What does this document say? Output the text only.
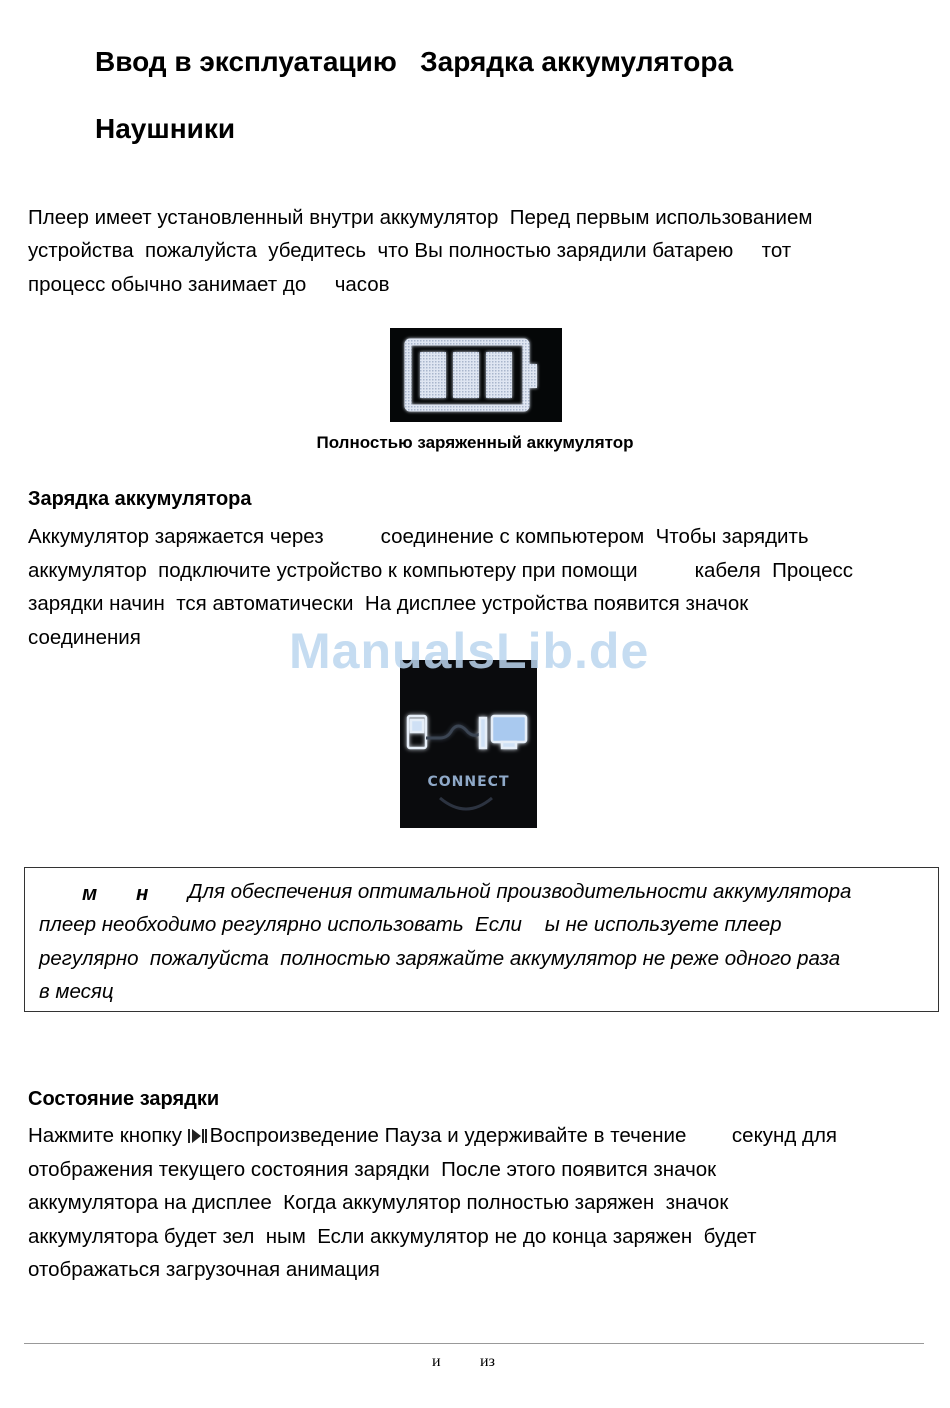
Ввод в эксплуатацию   Зарядка аккумулятора
Наушники
Плеер имеет установленный внутри аккумулятор  Перед первым использованием
устройства  пожалуйста  убедитесь  что Вы полностью зарядили батарею     тот
процесс обычно занимает до     часов
Полностью заряженный аккумулятор
Зарядка аккумулятора
Аккумулятор заряжается через          соединение с компьютером  Чтобы зарядить
аккумулятор  подключите устройство к компьютеру при помощи          кабеля  Процесс
зарядки начин  тся автоматически  На дисплее устройства появится значок
соединения
CONNECT
ManualsLib.de
м н Для обеспечения оптимальной производительности аккумулятора
плеер необходимо регулярно использовать  Если    ы не используете плеер
регулярно  пожалуйста  полностью заряжайте аккумулятор не реже одного раза
в месяц
Состояние зарядки
Нажмите кнопку Воспроизведение Пауза и удерживайте в течение        секунд для
отображения текущего состояния зарядки  После этого появится значок
аккумулятора на дисплее  Когда аккумулятор полностью заряжен  значок
аккумулятора будет зел  ным  Если аккумулятор не до конца заряжен  будет
отображаться загрузочная анимация
и из
